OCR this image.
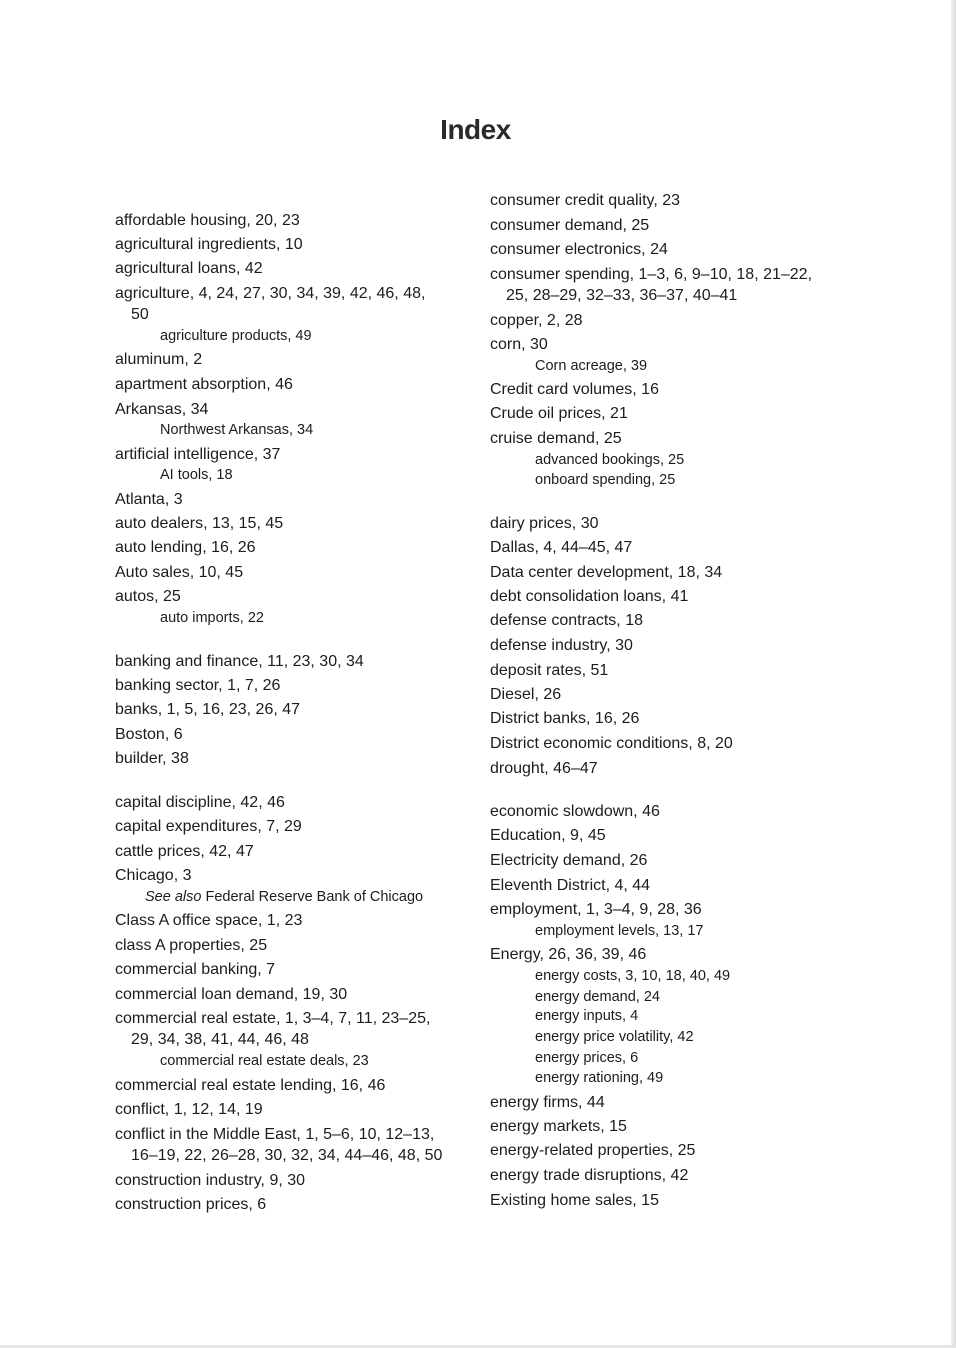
Index
affordable housing, 20, 23
agricultural ingredients, 10
agricultural loans, 42
agriculture, 4, 24, 27, 30, 34, 39, 42, 46, 48,
50
agriculture products, 49
aluminum, 2
apartment absorption, 46
Arkansas, 34
Northwest Arkansas, 34
artificial intelligence, 37
AI tools, 18
Atlanta, 3
auto dealers, 13, 15, 45
auto lending, 16, 26
Auto sales, 10, 45
autos, 25
auto imports, 22
banking and finance, 11, 23, 30, 34
banking sector, 1, 7, 26
banks, 1, 5, 16, 23, 26, 47
Boston, 6
builder, 38
capital discipline, 42, 46
capital expenditures, 7, 29
cattle prices, 42, 47
Chicago, 3
See also Federal Reserve Bank of Chicago
Class A office space, 1, 23
class A properties, 25
commercial banking, 7
commercial loan demand, 19, 30
commercial real estate, 1, 3–4, 7, 11, 23–25,
29, 34, 38, 41, 44, 46, 48
commercial real estate deals, 23
commercial real estate lending, 16, 46
conflict, 1, 12, 14, 19
conflict in the Middle East, 1, 5–6, 10, 12–13,
16–19, 22, 26–28, 30, 32, 34, 44–46, 48, 50
construction industry, 9, 30
construction prices, 6
consumer credit quality, 23
consumer demand, 25
consumer electronics, 24
consumer spending, 1–3, 6, 9–10, 18, 21–22,
25, 28–29, 32–33, 36–37, 40–41
copper, 2, 28
corn, 30
Corn acreage, 39
Credit card volumes, 16
Crude oil prices, 21
cruise demand, 25
advanced bookings, 25
onboard spending, 25
dairy prices, 30
Dallas, 4, 44–45, 47
Data center development, 18, 34
debt consolidation loans, 41
defense contracts, 18
defense industry, 30
deposit rates, 51
Diesel, 26
District banks, 16, 26
District economic conditions, 8, 20
drought, 46–47
economic slowdown, 46
Education, 9, 45
Electricity demand, 26
Eleventh District, 4, 44
employment, 1, 3–4, 9, 28, 36
employment levels, 13, 17
Energy, 26, 36, 39, 46
energy costs, 3, 10, 18, 40, 49
energy demand, 24
energy inputs, 4
energy price volatility, 42
energy prices, 6
energy rationing, 49
energy firms, 44
energy markets, 15
energy-related properties, 25
energy trade disruptions, 42
Existing home sales, 15
